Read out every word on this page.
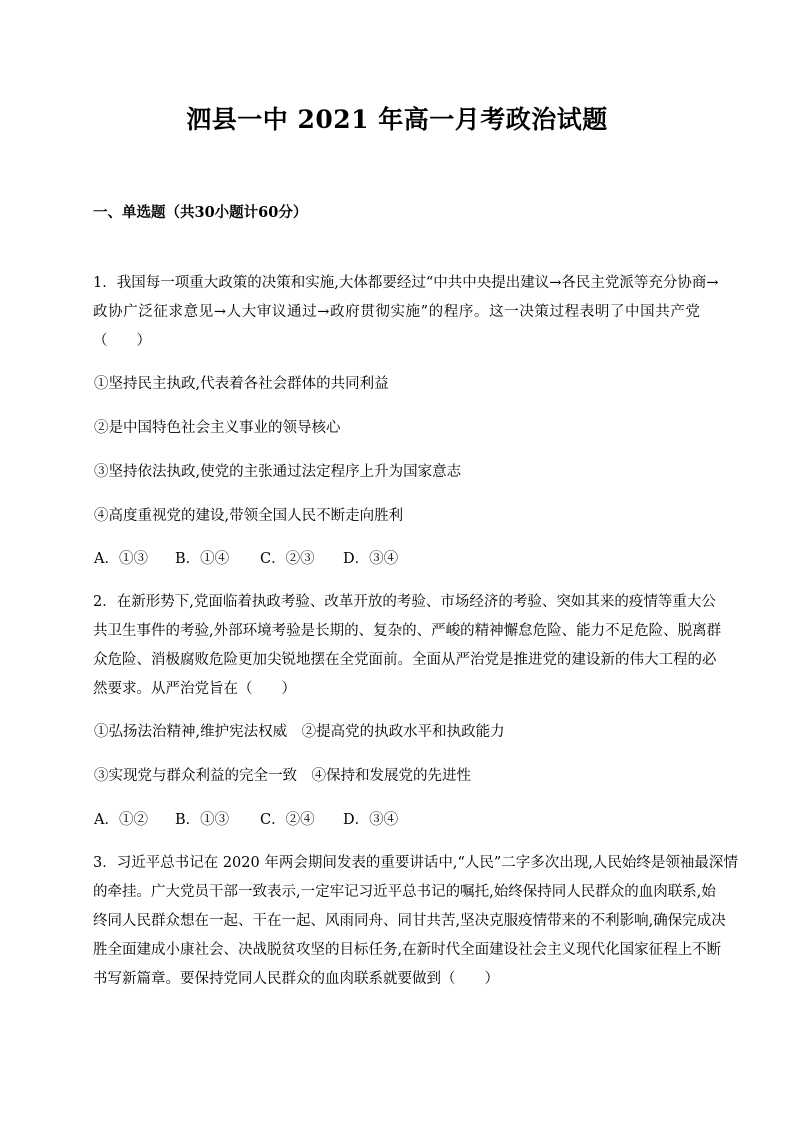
泗县一中 2021 年高一月考政治试题
一、单选题（共30小题计60分）
1．我国每一项重大政策的决策和实施,大体都要经过“中共中央提出建议→各民主党派等充分协商→
政协广泛征求意见→人大审议通过→政府贯彻实施”的程序。这一决策过程表明了中国共产党
（　　）
①坚持民主执政,代表着各社会群体的共同利益
②是中国特色社会主义事业的领导核心
③坚持依法执政,使党的主张通过法定程序上升为国家意志
④高度重视党的建设,带领全国人民不断走向胜利
A．①③ B．①④ C．②③ D．③④
2．在新形势下,党面临着执政考验、改革开放的考验、市场经济的考验、突如其来的疫情等重大公
共卫生事件的考验,外部环境考验是长期的、复杂的、严峻的精神懈怠危险、能力不足危险、脱离群
众危险、消极腐败危险更加尖锐地摆在全党面前。全面从严治党是推进党的建设新的伟大工程的必
然要求。从严治党旨在（　　）
①弘扬法治精神,维护宪法权威　②提高党的执政水平和执政能力
③实现党与群众利益的完全一致　④保持和发展党的先进性
A．①② B．①③ C．②④ D．③④
3．习近平总书记在 2020 年两会期间发表的重要讲话中,“人民”二字多次出现,人民始终是领袖最深情
的牵挂。广大党员干部一致表示,一定牢记习近平总书记的嘱托,始终保持同人民群众的血肉联系,始
终同人民群众想在一起、干在一起、风雨同舟、同甘共苦,坚决克服疫情带来的不利影响,确保完成决
胜全面建成小康社会、决战脱贫攻坚的目标任务,在新时代全面建设社会主义现代化国家征程上不断
书写新篇章。要保持党同人民群众的血肉联系就要做到（　　）
